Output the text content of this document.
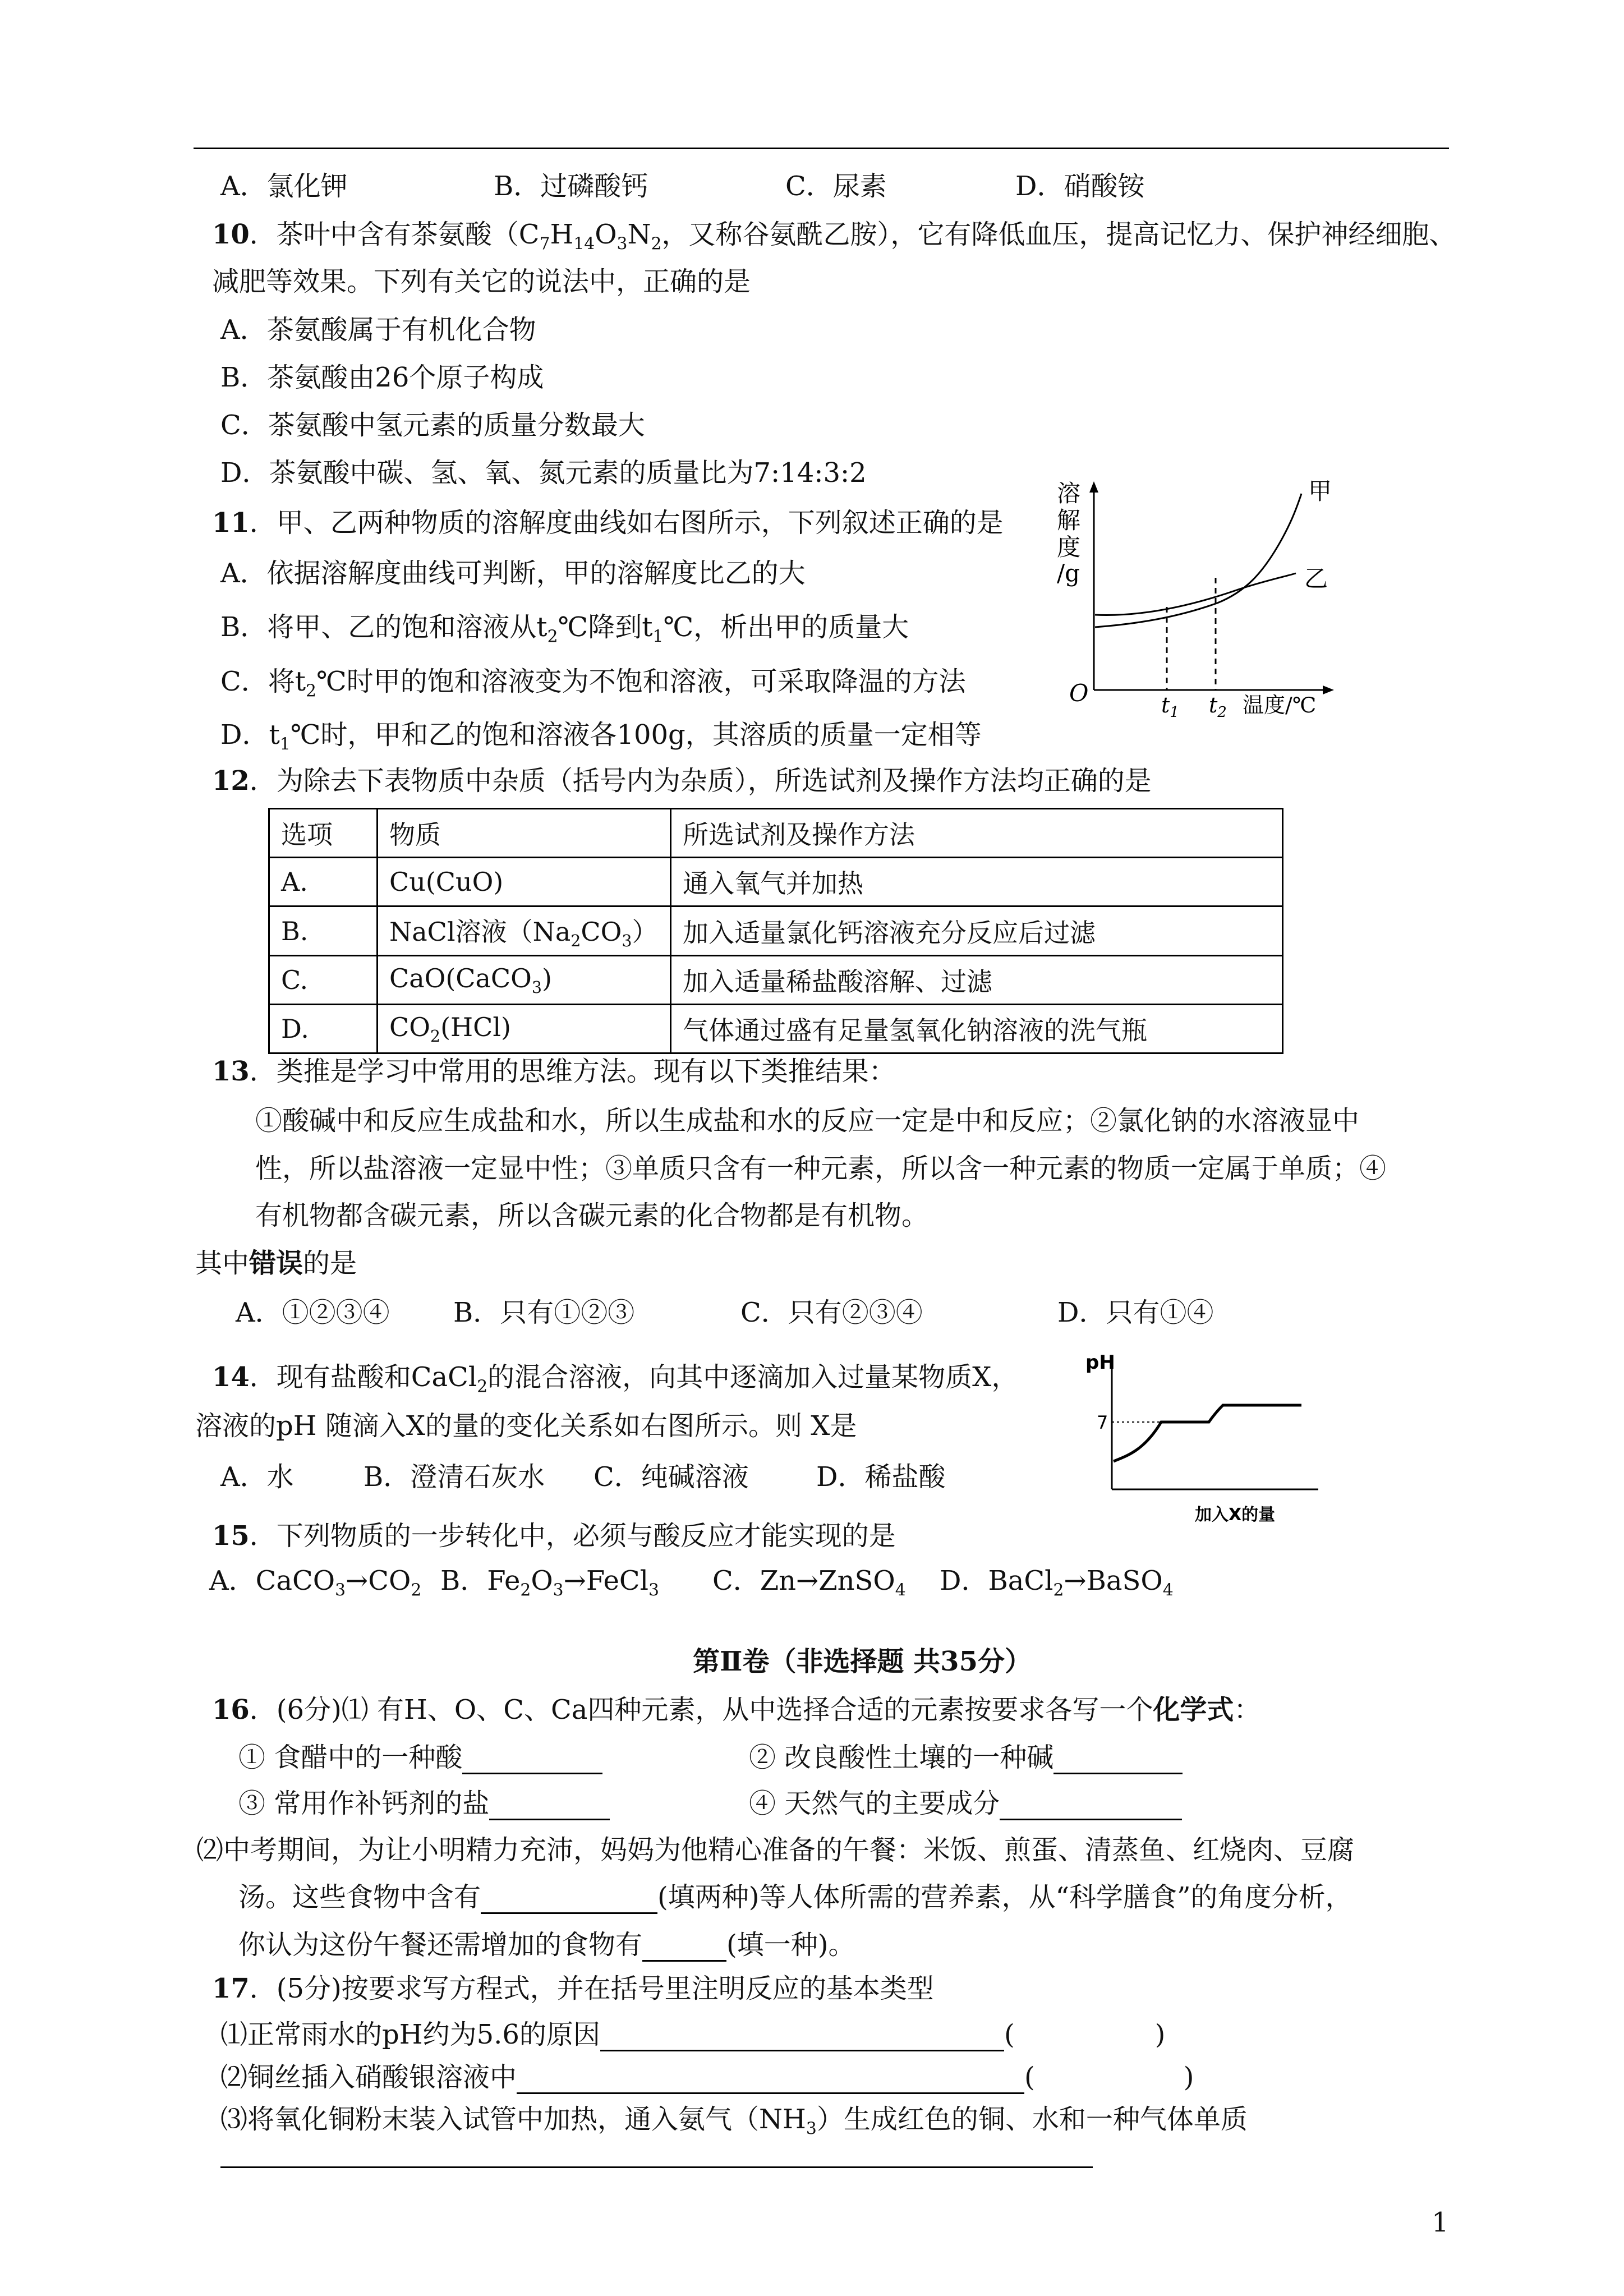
A．氯化钾	B．过磷酸钙	C．尿素	D．硝酸铵
10．茶叶中含有茶氨酸（$C_7H_{14}O_3N_2$，又称谷氨酰乙胺），它有降低血压，提高记忆力、保护神经细胞、
减肥等效果。下列有关它的说法中，正确的是
A．茶氨酸属于有机化合物
B．茶氨酸由26个原子构成
C．茶氨酸中氢元素的质量分数最大
D．茶氨酸中碳、氢、氧、氮元素的质量比为7:14:3:2
11．甲、乙两种物质的溶解度曲线如右图所示，下列叙述正确的是
A．依据溶解度曲线可判断，甲的溶解度比乙的大
B．将甲、乙的饱和溶液从$t_2℃$降到$t_1℃$，析出甲的质量大
C．将$t_2℃$时甲的饱和溶液变为不饱和溶液，可采取降温的方法
D．$t_1℃$时，甲和乙的饱和溶液各100g，其溶质的质量一定相等
溶
解
度
/g
甲
乙
O	$t_1$ $t_2$ 温度/℃
12．为除去下表物质中杂质（括号内为杂质），所选试剂及操作方法均正确的是
选项	物质	所选试剂及操作方法
A.	Cu(CuO)	通入氧气并加热
B.	NaCl溶液$(Na_2CO_3)$	加入适量氯化钙溶液充分反应后过滤
C.	CaO(CaCO$_3$)	加入适量稀盐酸溶解、过滤
D.	$CO_2(HCl)$	气体通过盛有足量氢氧化钠溶液的洗气瓶
13．类推是学习中常用的思维方法。现有以下类推结果：
①酸碱中和反应生成盐和水，所以生成盐和水的反应一定是中和反应；②氯化钠的水溶液显中
性，所以盐溶液一定显中性；③单质只含有一种元素，所以含一种元素的物质一定属于单质；④
有机物都含碳元素，所以含碳元素的化合物都是有机物。
其中错误的是
A．①②③④ B．只有①②③	C．只有②③④	D．只有①④
14．现有盐酸和CaCl$_2$的混合溶液，向其中逐滴加入过量某物质X，
溶液的pH 随滴入X的量的变化关系如右图所示。则 X是
A．水	B．澄清石灰水 C．纯碱溶液	D．稀盐酸
pH
7
加入X的量
15．下列物质的一步转化中，必须与酸反应才能实现的是
A．$CaCO_3\to CO_2$ B．$Fe_2O_3\to FeCl_3$ C．Zn→ZnSO$_4$ D．BaCl$_2$→BaSO$_4$
第Ⅱ卷（非选择题 共35分）
16．(6分)⑴ 有H、O、C、Ca四种元素，从中选择合适的元素按要求各写一个化学式：
① 食醋中的一种酸	② 改良酸性土壤的一种碱
③ 常用作补钙剂的盐	④ 天然气的主要成分
⑵中考期间，为让小明精力充沛，妈妈为他精心准备的午餐：米饭、煎蛋、清蒸鱼、红烧肉、豆腐
汤。这些食物中含有	(填两种)等人体所需的营养素，从“科学膳食”的角度分析，
你认为这份午餐还需增加的食物有	(填一种)。
17．(5分)按要求写方程式，并在括号里注明反应的基本类型
⑴正常雨水的pH约为5.6的原因	(	)
⑵铜丝插入硝酸银溶液中	(	)
⑶将氧化铜粉末装入试管中加热，通入氨气$(NH_3)$生成红色的铜、水和一种气体单质
1
